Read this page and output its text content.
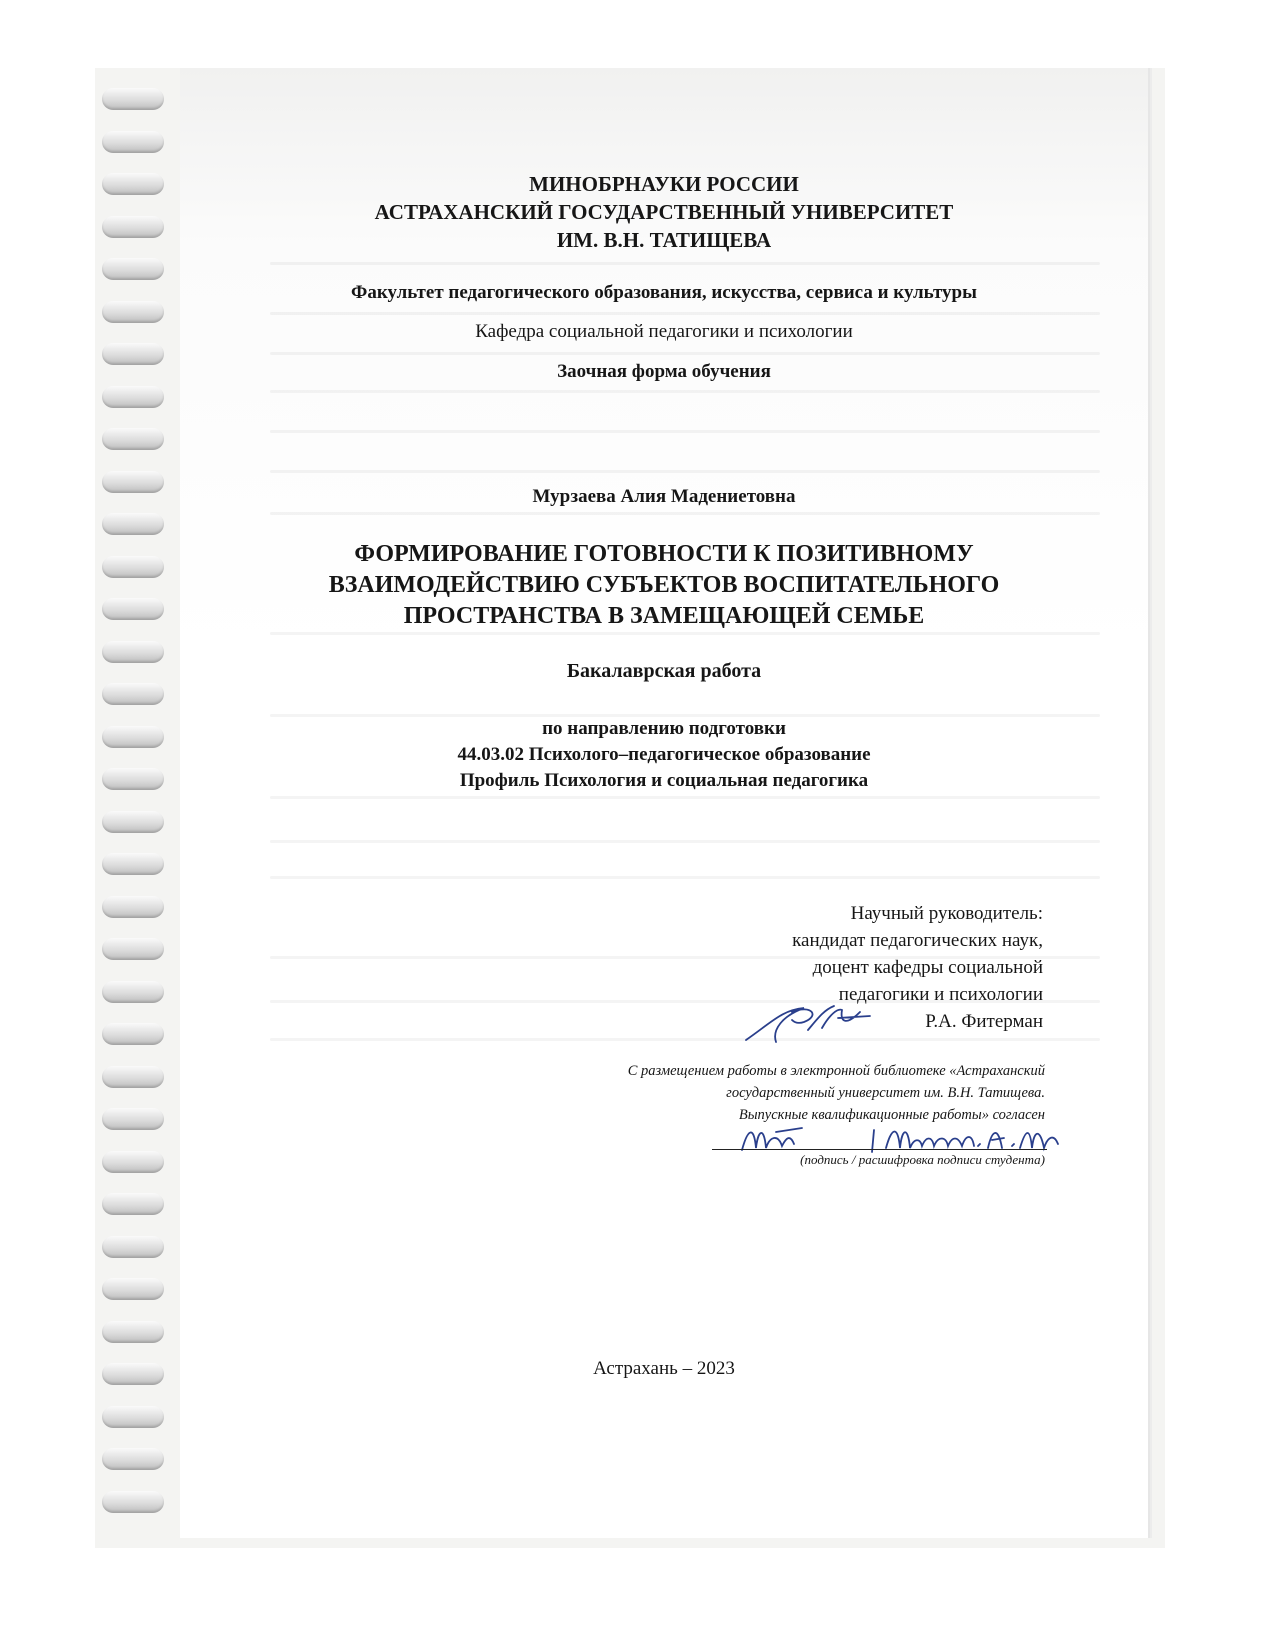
МИНОБРНАУКИ РОССИИ
АСТРАХАНСКИЙ ГОСУДАРСТВЕННЫЙ УНИВЕРСИТЕТ
ИМ. В.Н. ТАТИЩЕВА

Факультет педагогического образования, искусства, сервиса и культуры

Кафедра социальной педагогики и психологии

Заочная форма обучения

Мурзаева Алия Мадениетовна

ФОРМИРОВАНИЕ ГОТОВНОСТИ К ПОЗИТИВНОМУ
ВЗАИМОДЕЙСТВИЮ СУБЪЕКТОВ ВОСПИТАТЕЛЬНОГО
ПРОСТРАНСТВА В ЗАМЕЩАЮЩЕЙ СЕМЬЕ

Бакалаврская работа

по направлению подготовки
44.03.02 Психолого–педагогическое образование
Профиль Психология и социальная педагогика
Научный руководитель:
кандидат педагогических наук,
доцент кафедры социальной
педагогики и психологии
Р.А. Фитерман
С размещением работы в электронной библиотеке «Астраханский
государственный университет им. В.Н. Татищева.
Выпускные квалификационные работы» согласен

(подпись / расшифровка подписи студента)

Астрахань – 2023
